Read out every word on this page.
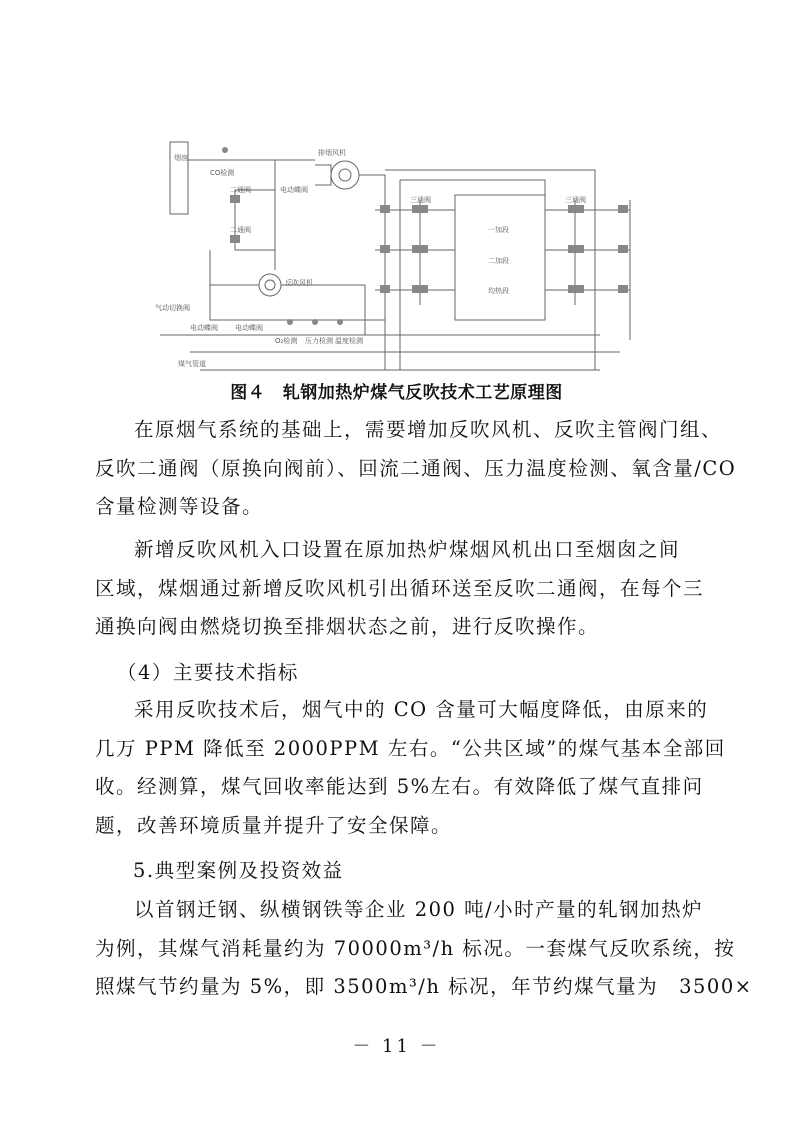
烟囱
CO检测
排烟风机
电动蝶阀
二通阀
二通阀
反吹风机
气动切换阀
电动蝶阀 电动蝶阀
O₂检测 压力检测 温度检测
煤气管道
三通阀	三通阀
一加段
二加段
均热段
图４　轧钢加热炉煤气反吹技术工艺原理图
在原烟气系统的基础上，需要增加反吹风机、反吹主管阀门组、
反吹二通阀（原换向阀前）、回流二通阀、压力温度检测、氧含量/CO
含量检测等设备。
新增反吹风机入口设置在原加热炉煤烟风机出口至烟囱之间
区域，煤烟通过新增反吹风机引出循环送至反吹二通阀，在每个三
通换向阀由燃烧切换至排烟状态之前，进行反吹操作。
（4）主要技术指标
采用反吹技术后，烟气中的 CO 含量可大幅度降低，由原来的
几万 PPM 降低至 2000PPM 左右。“公共区域”的煤气基本全部回
收。经测算，煤气回收率能达到 5%左右。有效降低了煤气直排问
题，改善环境质量并提升了安全保障。
5.典型案例及投资效益
以首钢迁钢、纵横钢铁等企业 200 吨/小时产量的轧钢加热炉
为例，其煤气消耗量约为 70000m³/h 标况。一套煤气反吹系统，按
照煤气节约量为 5%，即 3500m³/h 标况，年节约煤气量为　3500×
－ 11 －
